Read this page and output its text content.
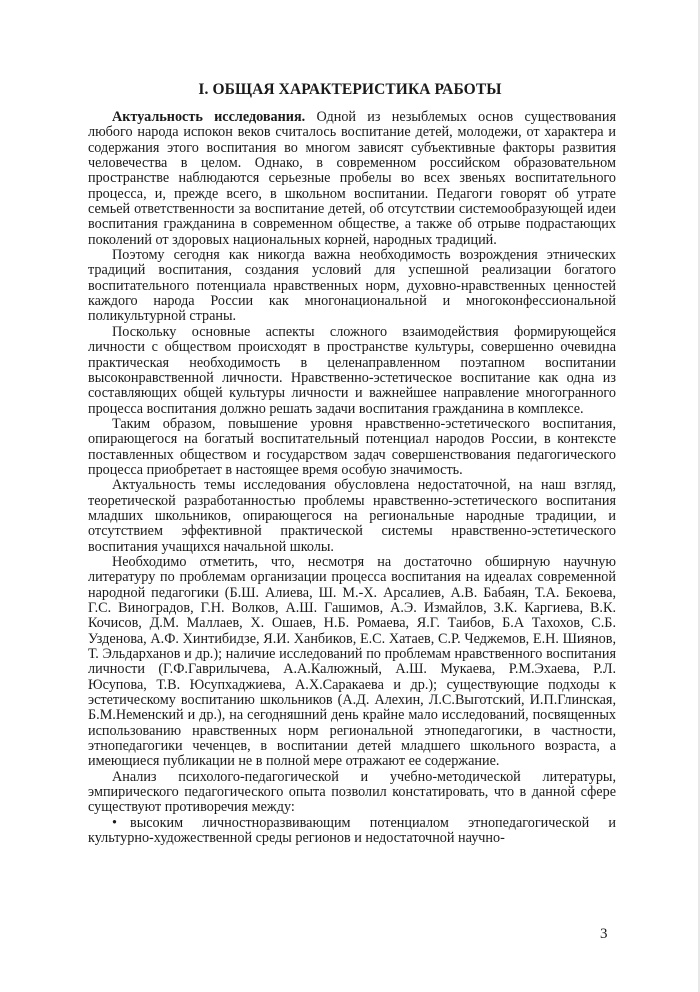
I. ОБЩАЯ ХАРАКТЕРИСТИКА РАБОТЫ

Актуальность исследования. Одной из незыблемых основ существования любого народа испокон веков считалось воспитание детей, молодежи, от характера и содержания этого воспитания во многом зависят субъективные факторы развития человечества в целом. Однако, в современном российском образовательном пространстве наблюдаются серьезные пробелы во всех звеньях воспитательного процесса, и, прежде всего, в школьном воспитании. Педагоги говорят об утрате семьей ответственности за воспитание детей, об отсутствии системообразующей идеи воспитания гражданина в современном обществе, а также об отрыве подрастающих поколений от здоровых национальных корней, народных традиций.

Поэтому сегодня как никогда важна необходимость возрождения этнических традиций воспитания, создания условий для успешной реализации богатого воспитательного потенциала нравственных норм, духовно-нравственных ценностей каждого народа России как многонациональной и многоконфессиональной поликультурной страны.

Поскольку основные аспекты сложного взаимодействия формирующейся личности с обществом происходят в пространстве культуры, совершенно очевидна практическая необходимость в целенаправленном поэтапном воспитании высоконравственной личности. Нравственно-эстетическое воспитание как одна из составляющих общей культуры личности и важнейшее направление многогранного процесса воспитания должно решать задачи воспитания гражданина в комплексе.

Таким образом, повышение уровня нравственно-эстетического воспитания, опирающегося на богатый воспитательный потенциал народов России, в контексте поставленных обществом и государством задач совершенствования педагогического процесса приобретает в настоящее время особую значимость.

Актуальность темы исследования обусловлена недостаточной, на наш взгляд, теоретической разработанностью проблемы нравственно-эстетического воспитания младших школьников, опирающегося на региональные народные традиции, и отсутствием эффективной практической системы нравственно-эстетического воспитания учащихся начальной школы.

Необходимо отметить, что, несмотря на достаточно обширную научную литературу по проблемам организации процесса воспитания на идеалах современной народной педагогики (Б.Ш. Алиева, Ш. М.-Х. Арсалиев, А.В. Бабаян, Т.А. Бекоева, Г.С. Виноградов, Г.Н. Волков, А.Ш. Гашимов, А.Э. Измайлов, З.К. Каргиева, В.К. Кочисов, Д.М. Маллаев, Х. Ошаев, Н.Б. Ромаева, Я.Г. Таибов, Б.А Тахохов, С.Б. Узденова, А.Ф. Хинтибидзе, Я.И. Ханбиков, Е.С. Хатаев, С.Р. Чеджемов, Е.Н. Шиянов, Т. Эльдарханов и др.); наличие исследований по проблемам нравственного воспитания личности (Г.Ф.Гаврилычева, А.А.Калюжный, А.Ш. Мукаева, Р.М.Эхаева, Р.Л. Юсупова, Т.В. Юсупхаджиева, А.Х.Саракаева и др.); существующие подходы к эстетическому воспитанию школьников (А.Д. Алехин, Л.С.Выготский, И.П.Глинская, Б.М.Неменский и др.), на сегодняшний день крайне мало исследований, посвященных использованию нравственных норм региональной этнопедагогики, в частности, этнопедагогики чеченцев, в воспитании детей младшего школьного возраста, а имеющиеся публикации не в полной мере отражают ее содержание.

Анализ психолого-педагогической и учебно-методической литературы, эмпирического педагогического опыта позволил констатировать, что в данной сфере существуют противоречия между:

• высоким личностноразвивающим потенциалом этнопедагогической и культурно-художественной среды регионов и недостаточной научно-

3
